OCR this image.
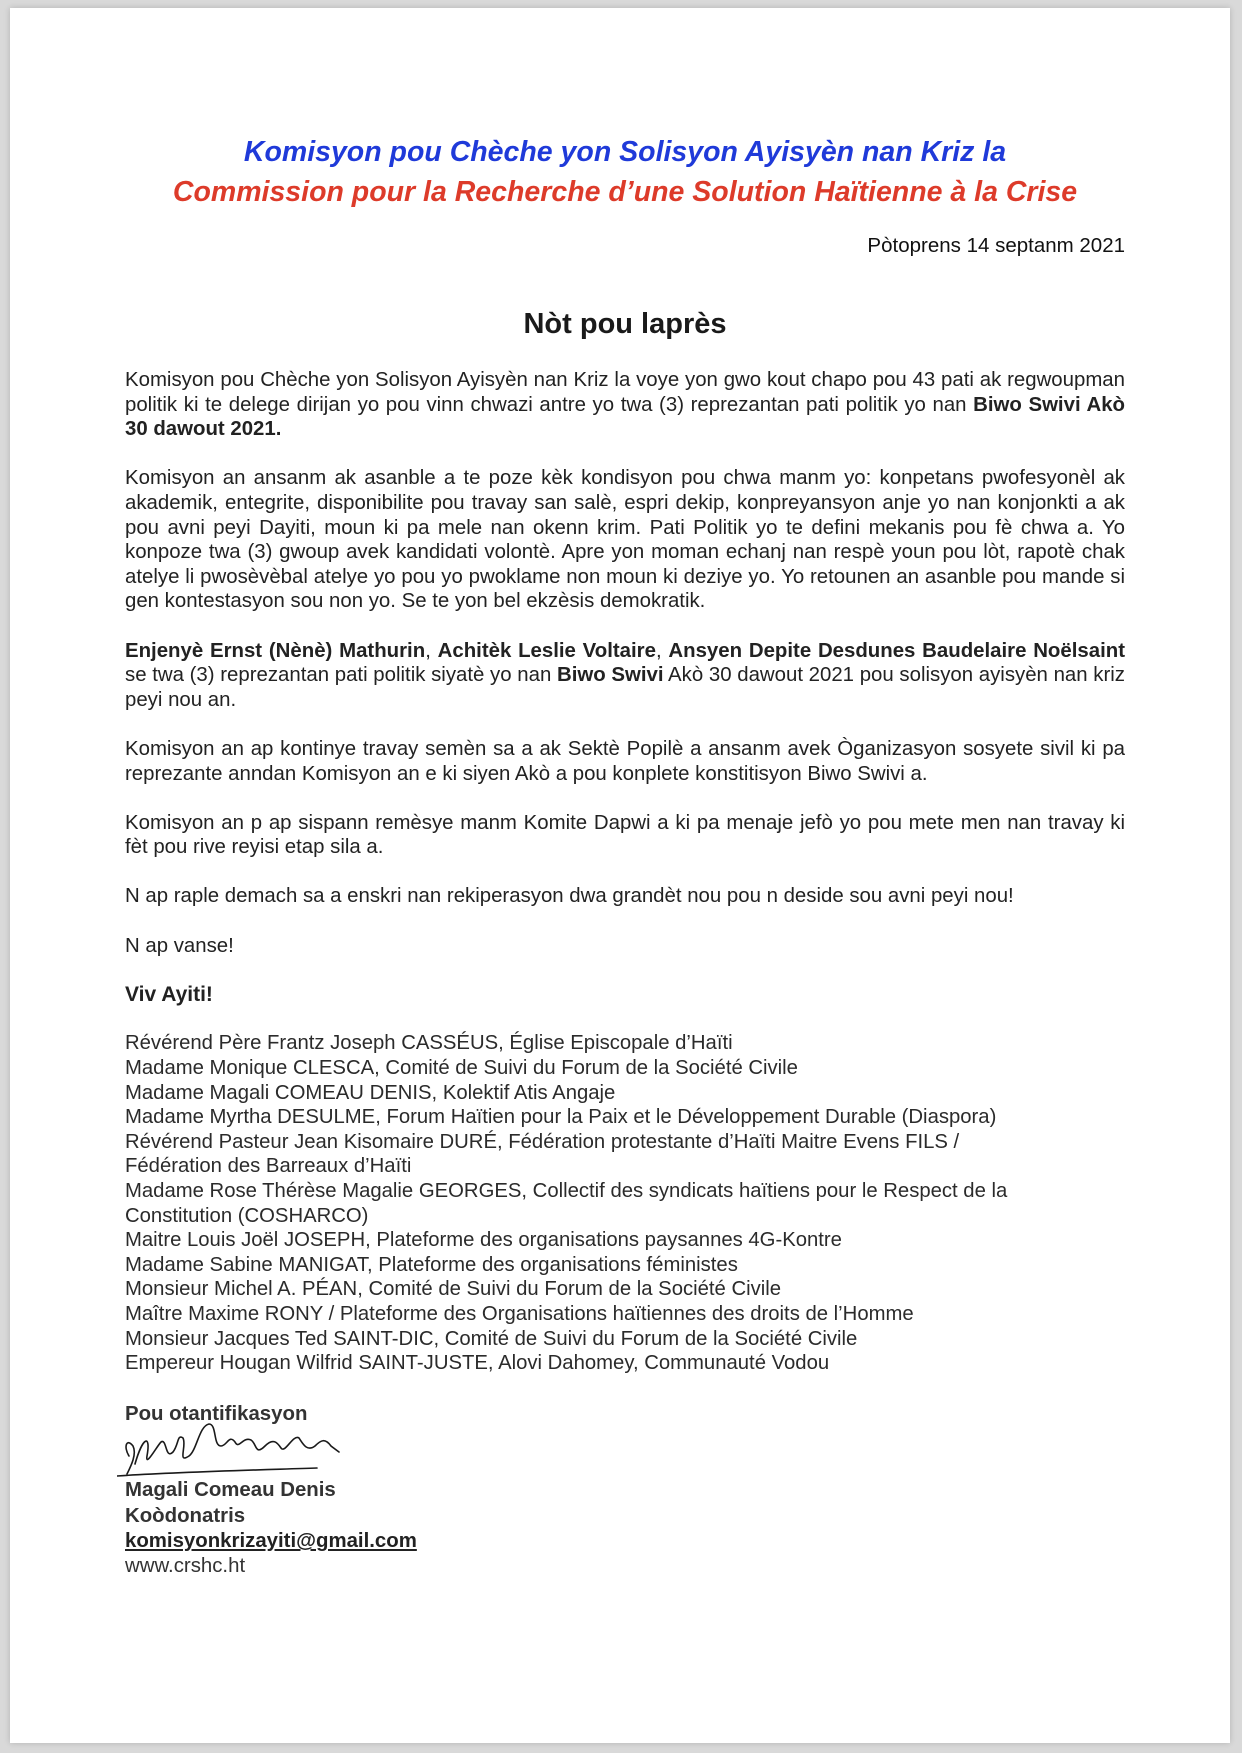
Komisyon pou Chèche yon Solisyon Ayisyèn nan Kriz la
Commission pour la Recherche d’une Solution Haïtienne à la Crise
Pòtoprens 14 septanm 2021
Nòt pou laprès

Komisyon pou Chèche yon Solisyon Ayisyèn nan Kriz la voye yon gwo kout chapo pou 43 pati ak regwoupman politik ki te delege dirijan yo pou vinn chwazi antre yo twa (3) reprezantan pati politik yo nan Biwo Swivi Akò 30 dawout 2021.

Komisyon an ansanm ak asanble a te poze kèk kondisyon pou chwa manm yo: konpetans pwofesyonèl ak akademik, entegrite, disponibilite pou travay san salè, espri dekip, konpreyansyon anje yo nan konjonkti a ak pou avni peyi Dayiti, moun ki pa mele nan okenn krim. Pati Politik yo te defini mekanis pou fè chwa a. Yo konpoze twa (3) gwoup avek kandidati volontè. Apre yon moman echanj nan respè youn pou lòt, rapotè chak atelye li pwosèvèbal atelye yo pou yo pwoklame non moun ki deziye yo. Yo retounen an asanble pou mande si gen kontestasyon sou non yo. Se te yon bel ekzèsis demokratik.

Enjenyè Ernst (Nènè) Mathurin, Achitèk Leslie Voltaire, Ansyen Depite Desdunes Baudelaire Noëlsaint se twa (3) reprezantan pati politik siyatè yo nan Biwo Swivi Akò 30 dawout 2021 pou solisyon ayisyèn nan kriz peyi nou an.

Komisyon an ap kontinye travay semèn sa a ak Sektè Popilè a ansanm avek Òganizasyon sosyete sivil ki pa reprezante anndan Komisyon an e ki siyen Akò a pou konplete konstitisyon Biwo Swivi a.

Komisyon an p ap sispann remèsye manm Komite Dapwi a ki pa menaje jefò yo pou mete men nan travay ki fèt pou rive reyisi etap sila a.

N ap raple demach sa a enskri nan rekiperasyon dwa grandèt nou pou n deside sou avni peyi nou!

N ap vanse!

Viv Ayiti!
Révérend Père Frantz Joseph CASSÉUS, Église Episcopale d’Haïti
Madame Monique CLESCA, Comité de Suivi du Forum de la Société Civile
Madame Magali COMEAU DENIS, Kolektif Atis Angaje
Madame Myrtha DESULME, Forum Haïtien pour la Paix et le Développement Durable (Diaspora)
Révérend Pasteur Jean Kisomaire DURÉ, Fédération protestante d’Haïti Maitre Evens FILS /
Fédération des Barreaux d’Haïti
Madame Rose Thérèse Magalie GEORGES, Collectif des syndicats haïtiens pour le Respect de la
Constitution (COSHARCO)
Maitre Louis Joël JOSEPH, Plateforme des organisations paysannes 4G-Kontre
Madame Sabine MANIGAT, Plateforme des organisations féministes
Monsieur Michel A. PÉAN, Comité de Suivi du Forum de la Société Civile
Maître Maxime RONY / Plateforme des Organisations haïtiennes des droits de l’Homme
Monsieur Jacques Ted SAINT-DIC, Comité de Suivi du Forum de la Société Civile
Empereur Hougan Wilfrid SAINT-JUSTE, Alovi Dahomey, Communauté Vodou
Pou otantifikasyon
Magali Comeau Denis
Koòdonatris
komisyonkrizayiti@gmail.com
www.crshc.ht
